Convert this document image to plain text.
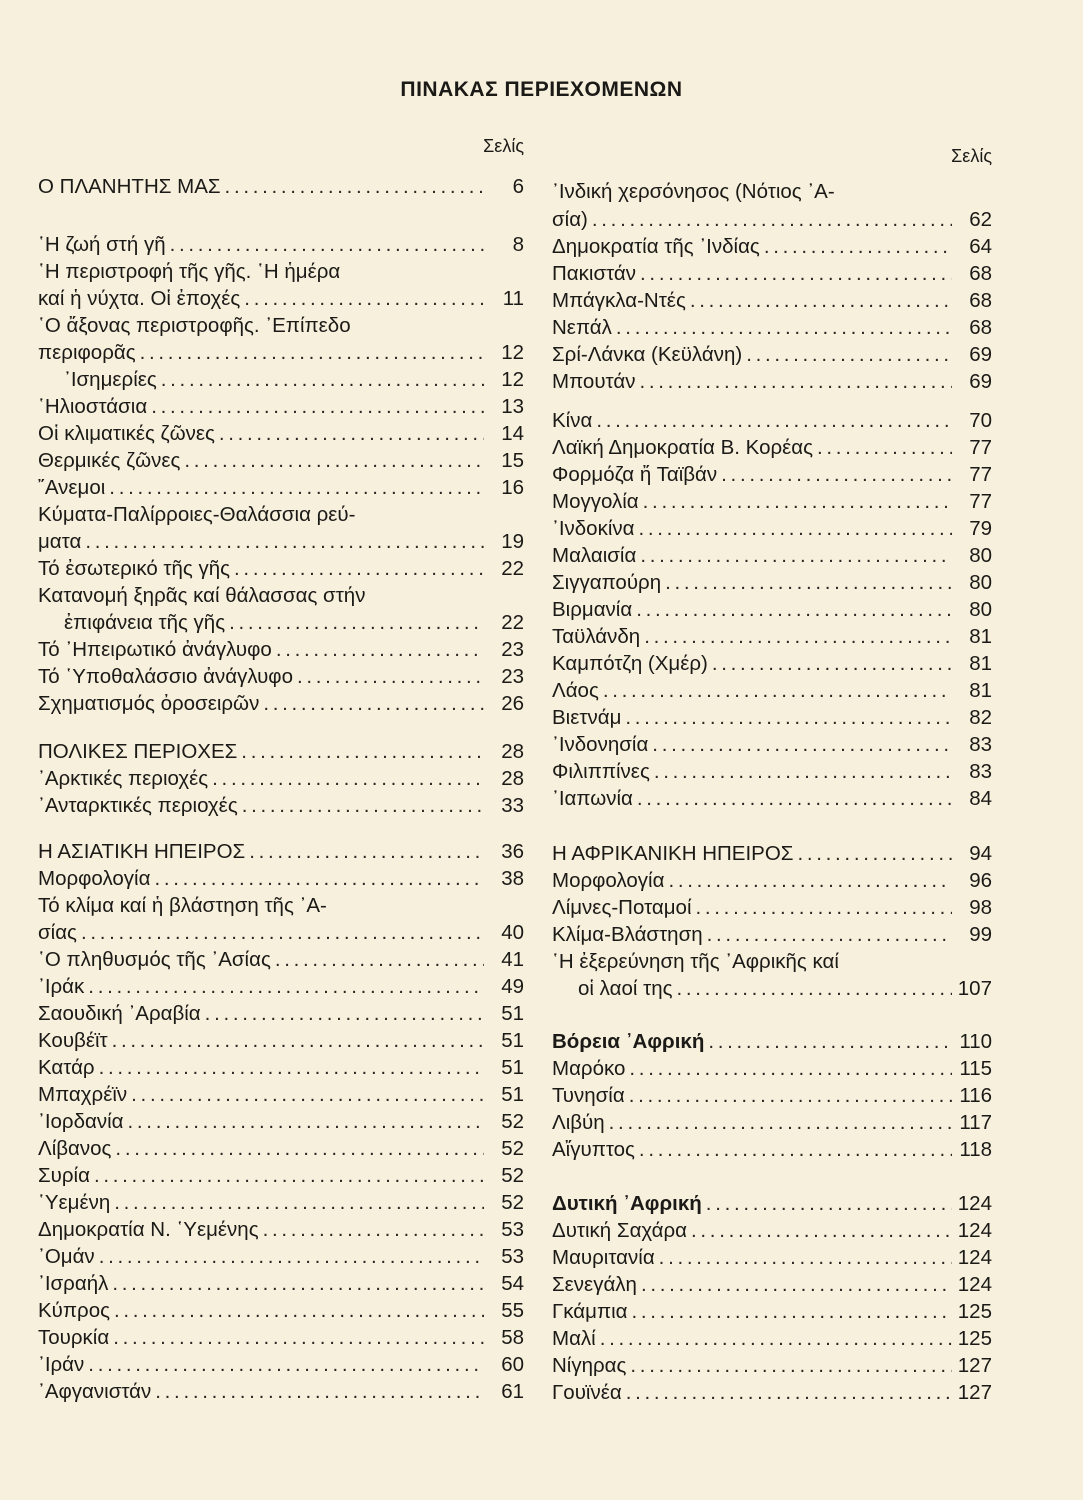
ΠΙΝΑΚΑΣ ΠΕΡΙΕΧΟΜΕΝΩΝ
Σελίς
Ο ΠΛΑΝΗΤΗΣ ΜΑΣ . . .	6
῾Η ζωή στή γῆ . . .	8
῾Η περιστροφή τῆς γῆς. ῾Η ἡμέρα
καί ἡ νύχτα. Οἱ ἐποχές . . .	11
῾Ο ἄξονας περιστροφῆς. ᾿Επίπεδο
περιφορᾶς . . .	12
᾿Ισημερίες . . .	12
῾Ηλιοστάσια . . .	13
Οἱ κλιματικές ζῶνες . . .	14
Θερμικές ζῶνες . . .	15
῎Ανεμοι . . .	16
Κύματα-Παλίρροιες-Θαλάσσια ρεύ-
ματα . . .	19
Τό ἐσωτερικό τῆς γῆς . . .	22
Κατανομή ξηρᾶς καί θάλασσας στήν
ἐπιφάνεια τῆς γῆς . . .	22
Τό ᾿Ηπειρωτικό ἀνάγλυφο . . .	23
Τό ῾Υποθαλάσσιο ἀνάγλυφο . . .	23
Σχηματισμός ὀροσειρῶν . . .	26
ΠΟΛΙΚΕΣ ΠΕΡΙΟΧΕΣ . . .	28
᾿Αρκτικές περιοχές . . .	28
᾿Ανταρκτικές περιοχές . . .	33
Η ΑΣΙΑΤΙΚΗ ΗΠΕΙΡΟΣ . . .	36
Μορφολογία . . .	38
Τό κλίμα καί ἡ βλάστηση τῆς ᾿Α-
σίας . . .	40
῾Ο πληθυσμός τῆς ᾿Ασίας . . .	41
᾿Ιράκ . . .	49
Σαουδική ᾿Αραβία . . .	51
Κουβέϊτ . . .	51
Κατάρ . . .	51
Μπαχρέϊν . . .	51
᾿Ιορδανία . . .	52
Λίβανος . . .	52
Συρία . . .	52
῾Υεμένη . . .	52
Δημοκρατία Ν. ῾Υεμένης . . .	53
᾿Ομάν . . .	53
᾿Ισραήλ . . .	54
Κύπρος . . .	55
Τουρκία . . .	58
᾿Ιράν . . .	60
᾿Αφγανιστάν . . .	61
Σελίς
᾿Ινδική χερσόνησος (Νότιος ᾿Α-
σία) . . .	62
Δημοκρατία τῆς ᾿Ινδίας . . .	64
Πακιστάν . . .	68
Μπάγκλα-Ντές . . .	68
Νεπάλ . . .	68
Σρί-Λάνκα (Κεϋλάνη) . . .	69
Μπουτάν . . .	69
Κίνα . . .	70
Λαϊκή Δημοκρατία Β. Κορέας . . .	77
Φορμόζα ἤ Ταϊβάν . . .	77
Μογγολία . . .	77
᾿Ινδοκίνα . . .	79
Μαλαισία . . .	80
Σιγγαπούρη . . .	80
Βιρμανία . . .	80
Ταϋλάνδη . . .	81
Καμπότζη (Χμέρ) . . .	81
Λάος . . .	81
Βιετνάμ . . .	82
᾿Ινδονησία . . .	83
Φιλιππίνες . . .	83
᾿Ιαπωνία . . .	84
Η ΑΦΡΙΚΑΝΙΚΗ ΗΠΕΙΡΟΣ . . .	94
Μορφολογία . . .	96
Λίμνες-Ποταμοί . . .	98
Κλίμα-Βλάστηση . . .	99
῾Η ἐξερεύνηση τῆς ᾿Αφρικῆς καί
οἱ λαοί της . . .	107
Βόρεια ᾿Αφρική . . .	110
Μαρόκο . . .	115
Τυνησία . . .	116
Λιβύη . . .	117
Αἴγυπτος . . .	118
Δυτική ᾿Αφρική . . .	124
Δυτική Σαχάρα . . .	124
Μαυριτανία . . .	124
Σενεγάλη . . .	124
Γκάμπια . . .	125
Μαλί . . .	125
Νίγηρας . . .	127
Γουϊνέα . . .	127
